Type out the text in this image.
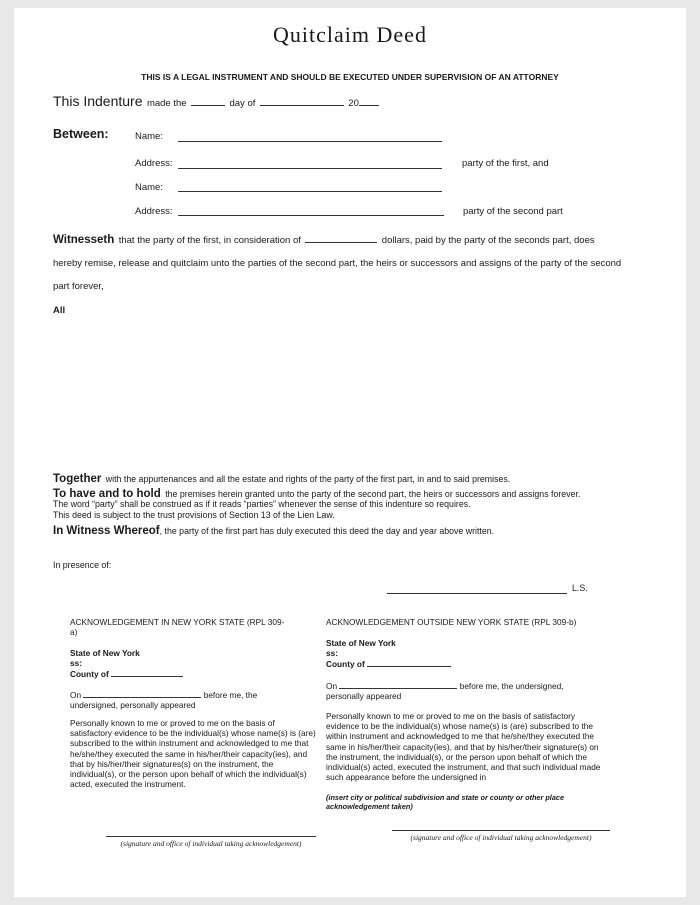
Quitclaim Deed
THIS IS A LEGAL INSTRUMENT AND SHOULD BE EXECUTED UNDER SUPERVISION OF AN ATTORNEY
This Indenture made the	day of	20
Between:	Name:
Address:	party of the first, and
Name:
Address:	party of the second part
Witnesseth that the party of the first, in consideration of	dollars, paid by the party of the seconds part, does
hereby remise, release and quitclaim unto the parties of the second part, the heirs or successors and assigns of the party of the second
part forever,
All
Together with the appurtenances and all the estate and rights of the party of the first part, in and to said premises.
To have and to hold the premises herein granted unto the party of the second part, the heirs or successors and assigns forever.
The word “party” shall be construed as if it reads “parties” whenever the sense of this indenture so requires.
This deed is subject to the trust provisions of Section 13 of the Lien Law.
In Witness Whereof, the party of the first part has duly executed this deed the day and year above written.
In presence of:
L.S.
ACKNOWLEDGEMENT IN NEW YORK STATE (RPL 309-
a)
State of New York
ss:
County of
On	before me, the
undersigned, personally appeared
Personally known to me or proved to me on the basis of satisfactory evidence to be the individual(s) whose name(s) is (are) subscribed to the within instrument and acknowledged to me that he/she/they executed the same in his/her/their capacity(ies), and that by his/her/their signatures(s) on the instrument, the individual(s), or the person upon behalf of which the individual(s) acted, executed the instrument.
(signature and office of individual taking acknowledgement)
ACKNOWLEDGEMENT OUTSIDE NEW YORK STATE (RPL 309-b)
State of New York
ss:
County of
On	before me, the undersigned,
personally appeared
Personally known to me or proved to me on the basis of satisfactory evidence to be the individual(s) whose name(s) is (are) subscribed to the within instrument and acknowledged to me that he/she/they executed the same in his/her/their capacity(ies), and that by his/her/their signature(s) on the instrument, the individual(s), or the person upon behalf of which the individual(s) acted, executed the instrument, and that such individual made such appearance before the undersigned in
(insert city or political subdivision and state or county or other place acknowledgement taken)
(signature and office of individual taking acknowledgement)
